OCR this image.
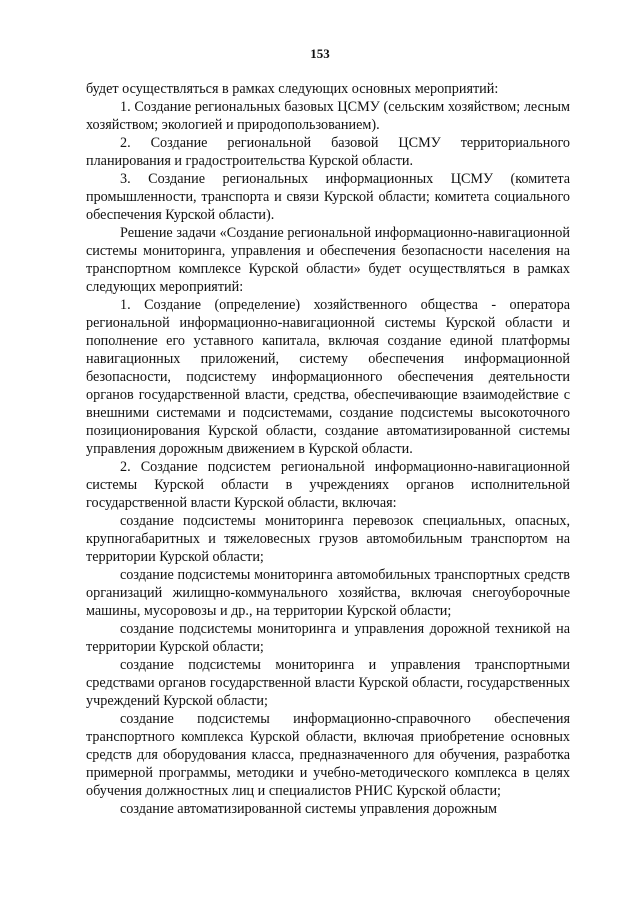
153

будет осуществляться в рамках следующих основных мероприятий:

1. Создание региональных базовых ЦСМУ (сельским хозяйством; лесным хозяйством; экологией и природопользованием).

2. Создание региональной базовой ЦСМУ территориального планирования и градостроительства Курской области.

3. Создание региональных информационных ЦСМУ (комитета промышленности, транспорта и связи Курской области; комитета социального обеспечения Курской области).

Решение задачи «Создание региональной информационно-навигационной системы мониторинга, управления и обеспечения безопасности населения на транспортном комплексе Курской области» будет осуществляться в рамках следующих мероприятий:

1. Создание (определение) хозяйственного общества - оператора региональной информационно-навигационной системы Курской области и пополнение его уставного капитала, включая создание единой платформы навигационных приложений, систему обеспечения информационной безопасности, подсистему информационного обеспечения деятельности органов государственной власти, средства, обеспечивающие взаимодействие с внешними системами и подсистемами, создание подсистемы высокоточного позиционирования Курской области, создание автоматизированной системы управления дорожным движением в Курской области.

2. Создание подсистем региональной информационно-навигационной системы Курской области в учреждениях органов исполнительной государственной власти Курской области, включая:

создание подсистемы мониторинга перевозок специальных, опасных, крупногабаритных и тяжеловесных грузов автомобильным транспортом на территории Курской области;

создание подсистемы мониторинга автомобильных транспортных средств организаций жилищно-коммунального хозяйства, включая снегоуборочные машины, мусоровозы и др., на территории Курской области;

создание подсистемы мониторинга и управления дорожной техникой на территории Курской области;

создание подсистемы мониторинга и управления транспортными средствами органов государственной власти Курской области, государственных учреждений Курской области;

создание подсистемы информационно-справочного обеспечения транспортного комплекса Курской области, включая приобретение основных средств для оборудования класса, предназначенного для обучения, разработка примерной программы, методики и учебно-методического комплекса в целях обучения должностных лиц и специалистов РНИС Курской области;

создание автоматизированной системы управления дорожным
